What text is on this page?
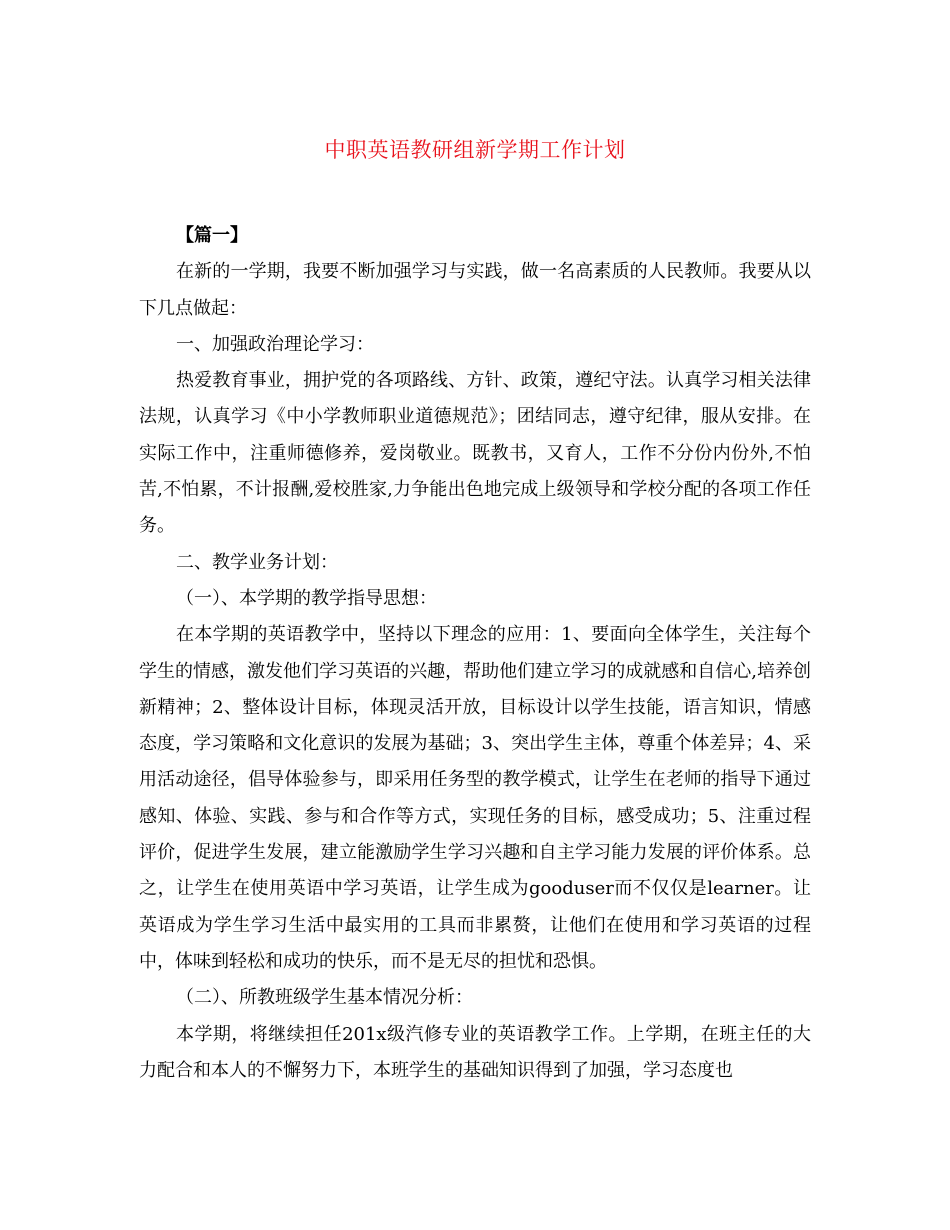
中职英语教研组新学期工作计划

【篇一】

在新的一学期，我要不断加强学习与实践，做一名高素质的人民教师。我要从以下几点做起：

一、加强政治理论学习：

热爱教育事业，拥护党的各项路线、方针、政策，遵纪守法。认真学习相关法律法规，认真学习《中小学教师职业道德规范》；团结同志，遵守纪律，服从安排。在实际工作中，注重师德修养，爱岗敬业。既教书，又育人，工作不分份内份外,不怕苦,不怕累，不计报酬,爱校胜家,力争能出色地完成上级领导和学校分配的各项工作任务。

二、教学业务计划：

（一）、本学期的教学指导思想：

在本学期的英语教学中，坚持以下理念的应用：1、要面向全体学生，关注每个学生的情感，激发他们学习英语的兴趣，帮助他们建立学习的成就感和自信心,培养创新精神；2、整体设计目标，体现灵活开放，目标设计以学生技能，语言知识，情感态度，学习策略和文化意识的发展为基础；3、突出学生主体，尊重个体差异；4、采用活动途径，倡导体验参与，即采用任务型的教学模式，让学生在老师的指导下通过感知、体验、实践、参与和合作等方式，实现任务的目标，感受成功；5、注重过程评价，促进学生发展，建立能激励学生学习兴趣和自主学习能力发展的评价体系。总之，让学生在使用英语中学习英语，让学生成为gooduser而不仅仅是learner。让英语成为学生学习生活中最实用的工具而非累赘，让他们在使用和学习英语的过程中，体味到轻松和成功的快乐，而不是无尽的担忧和恐惧。

（二）、所教班级学生基本情况分析：

本学期，将继续担任201x级汽修专业的英语教学工作。上学期，在班主任的大力配合和本人的不懈努力下，本班学生的基础知识得到了加强，学习态度也
